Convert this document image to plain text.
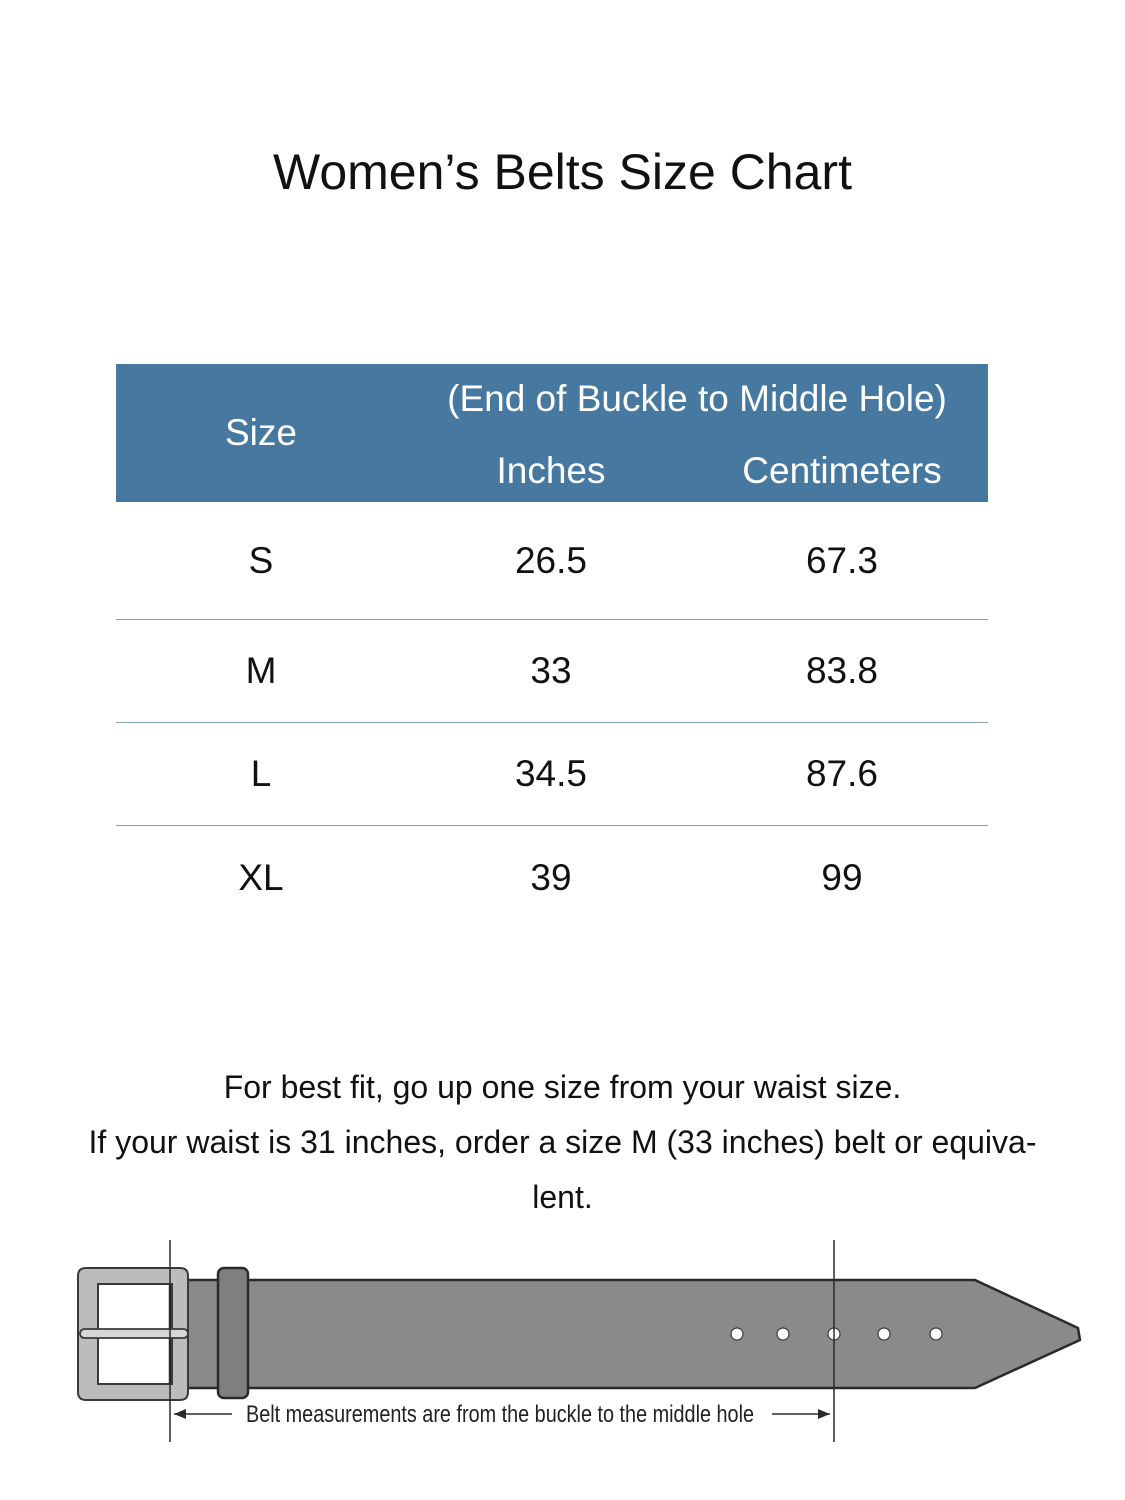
Women’s Belts Size Chart
Size
(End of Buckle to Middle Hole)
Inches	Centimeters
S	26.5	67.3
M	33	83.8
L	34.5	87.6
XL	39	99
For best fit, go up one size from your waist size.
If your waist is 31 inches, order a size M (33 inches) belt or equiva-
lent.
Belt measurements are from the buckle to the middle hole
